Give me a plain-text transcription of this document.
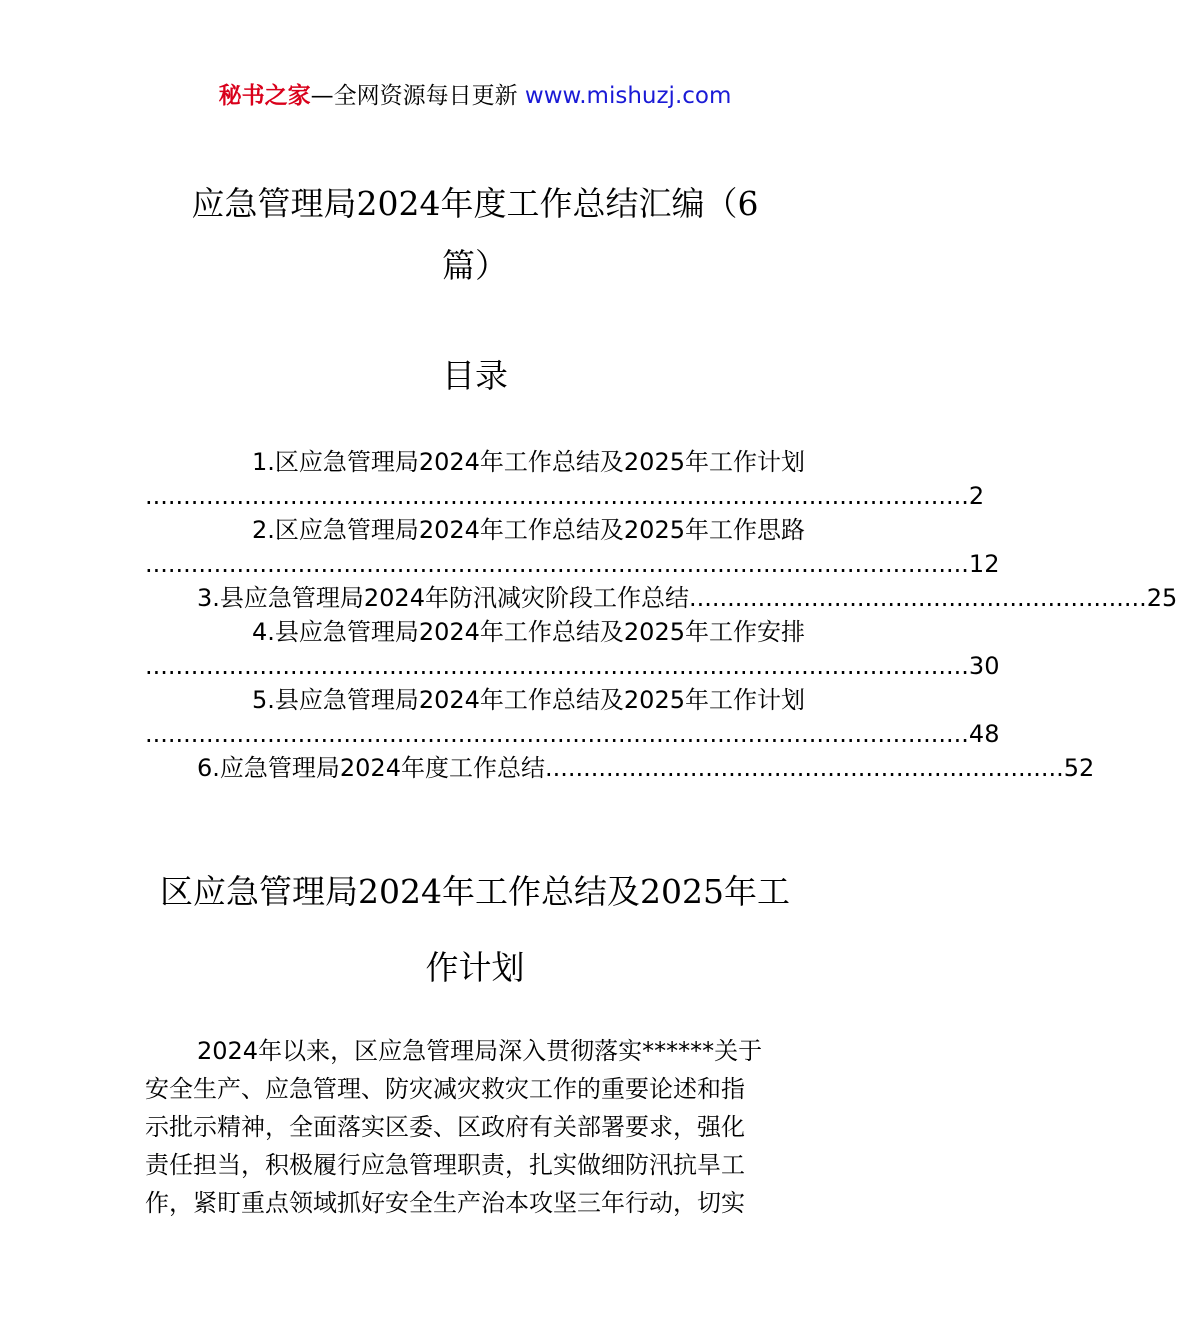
秘书之家—全网资源每日更新 www.mishuzj.com
应急管理局2024年度工作总结汇编（6
篇）
目录
1.区应急管理局2024年工作总结及2025年工作计划
............................................................................................................ 2
2.区应急管理局2024年工作总结及2025年工作思路
............................................................................................................ 12
3.县应急管理局2024年防汛减灾阶段工作总结 ............................................................ 25
4.县应急管理局2024年工作总结及2025年工作安排
............................................................................................................ 30
5.县应急管理局2024年工作总结及2025年工作计划
............................................................................................................ 48
6.应急管理局2024年度工作总结 .................................................................... 52
区应急管理局2024年工作总结及2025年工
作计划
2024年以来，区应急管理局深入贯彻落实******关于
安全生产、应急管理、防灾减灾救灾工作的重要论述和指
示批示精神，全面落实区委、区政府有关部署要求，强化
责任担当，积极履行应急管理职责，扎实做细防汛抗旱工
作，紧盯重点领域抓好安全生产治本攻坚三年行动，切实
